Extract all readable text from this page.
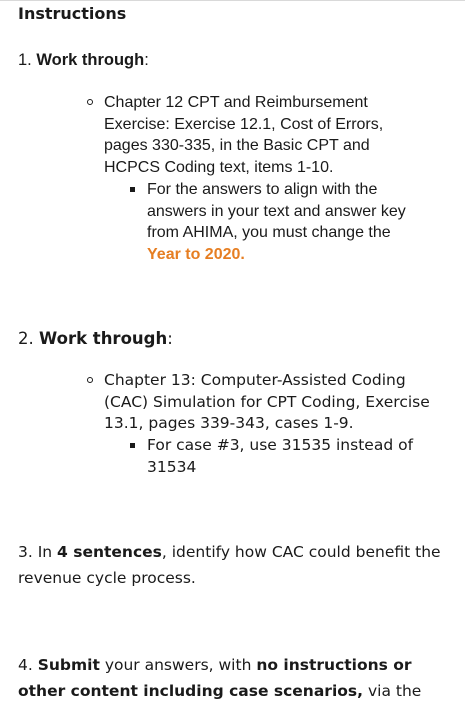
Instructions
1. Work through:
Chapter 12 CPT and Reimbursement
Exercise: Exercise 12.1, Cost of Errors,
pages 330-335, in the Basic CPT and
HCPCS Coding text, items 1-10.
For the answers to align with the
answers in your text and answer key
from AHIMA, you must change the
Year to 2020.
2. Work through:
Chapter 13: Computer-Assisted Coding
(CAC) Simulation for CPT Coding, Exercise
13.1, pages 339-343, cases 1-9.
For case #3, use 31535 instead of
31534
3. In 4 sentences, identify how CAC could benefit the
revenue cycle process.
4. Submit your answers, with no instructions or
other content including case scenarios, via the
